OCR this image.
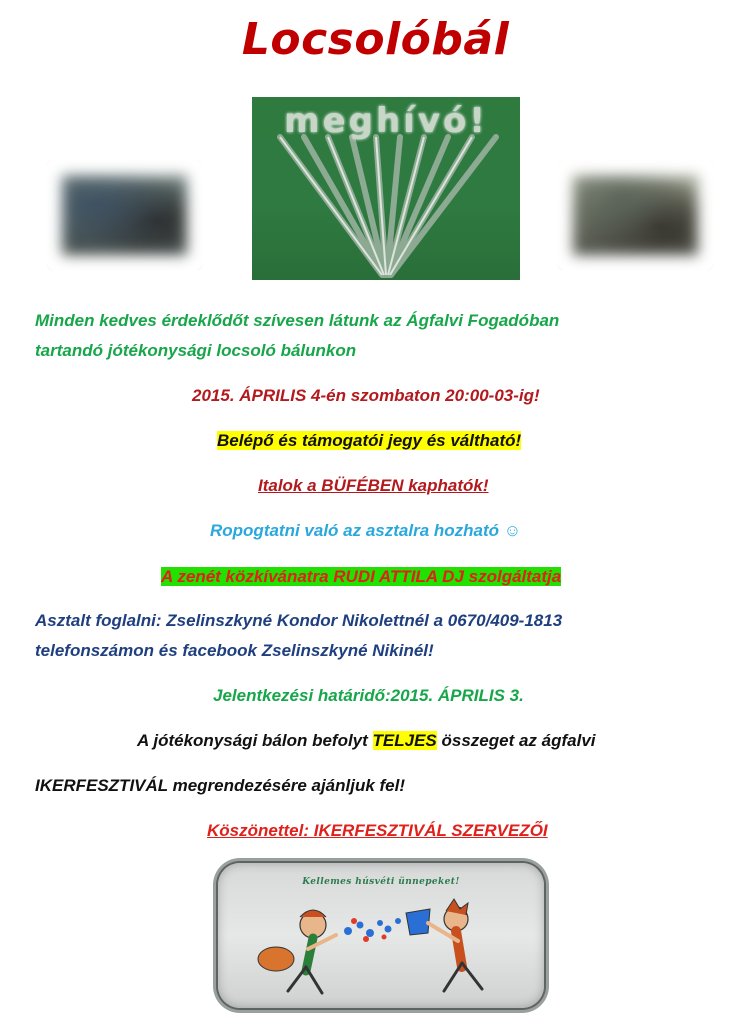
Locsolóbál
meghívó!
Minden kedves érdeklődőt szívesen látunk az Ágfalvi Fogadóban
tartandó jótékonysági locsoló bálunkon
2015. ÁPRILIS 4-én szombaton 20:00-03-ig!
Belépő és támogatói jegy és váltható!
Italok a BÜFÉBEN kaphatók!
Ropogtatni való az asztalra hozható ☺
A zenét közkívánatra RUDI ATTILA DJ szolgáltatja
Asztalt foglalni: Zselinszkyné Kondor Nikolettnél a 0670/409-1813
telefonszámon és facebook Zselinszkyné Nikinél!
Jelentkezési határidő:2015. ÁPRILIS 3.
A jótékonysági bálon befolyt TELJES összeget az ágfalvi
IKERFESZTIVÁL megrendezésére ajánljuk fel!
Köszönettel: IKERFESZTIVÁL SZERVEZŐI
Kellemes húsvéti ünnepeket!
